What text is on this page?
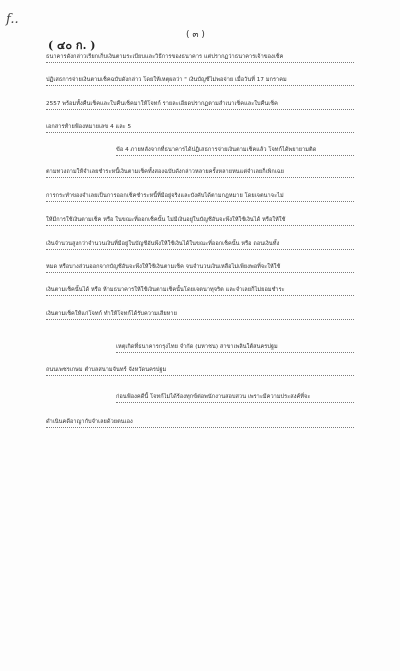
f..
( ๔๐ ก. )
( ๓ )
ธนาคารดังกล่าวเรียกเก็บเงินตามระเบียบและวิธีการของธนาคาร แต่ปรากฏว่าธนาคารเจ้าของเช็ค
ปฏิเสธการจ่ายเงินตามเช็คฉบับดังกล่าว โดยให้เหตุผลว่า " เงินบัญชีไม่พอจ่าย เมื่อวันที่ 17 มกราคม
2557 พร้อมทั้งคืนเช็คและใบคืนเช็คมาให้โจทก์ รายละเอียดปรากฏตามสำเนาเช็คและใบคืนเช็ค
เอกสารท้ายฟ้องหมายเลข 4 และ 5
ข้อ 4 ภายหลังจากที่ธนาคารได้ปฏิเสธการจ่ายเงินตามเช็คแล้ว โจทก์ได้พยายามติด
ตามทวงถามให้จำเลยชำระหนี้เงินตามเช็คทั้งสองฉบับดังกล่าวหลายครั้งหลายหนแต่จำเลยก็เพิกเฉย
การกระทำของจำเลยเป็นการออกเช็คชำระหนี้ที่มีอยู่จริงและบังคับได้ตามกฎหมาย โดยเจตนาจะไม่
ให้มีการใช้เงินตามเช็ค หรือ ในขณะที่ออกเช็คนั้น ไม่มีเงินอยู่ในบัญชีอันจะพึงให้ใช้เงินได้ หรือให้ใช้
เงินจำนวนสูงกว่าจำนวนเงินที่มีอยู่ในบัญชีอันพึงให้ใช้เงินได้ในขณะที่ออกเช็คนั้น หรือ ถอนเงินทั้ง
หมด หรือบางส่วนออกจากบัญชีอันจะพึงให้ใช้เงินตามเช็ค จนจำนวนเงินเหลือไม่เพียงพอที่จะให้ใช้
เงินตามเช็คนั้นได้ หรือ ห้ามธนาคารให้ใช้เงินตามเช็คนั้นโดยเจตนาทุจริต และจำเลยก็ไม่ยอมชำระ
เงินตามเช็คให้แก่โจทก์ ทำให้โจทก์ได้รับความเสียหาย
เหตุเกิดที่ธนาคารกรุงไทย จำกัด (มหาชน) สาขาเพลินใต้สนครปฐม
ถนนเพชรเกษม ตำบลสนามจันทร์ จังหวัดนครปฐม
ก่อนฟ้องคดีนี้ โจทก์ไม่ได้ร้องทุกข์ต่อพนักงานสอบสวน เพราะมีความประสงค์ที่จะ
ดำเนินคดีอาญากับจำเลยด้วยตนเอง
